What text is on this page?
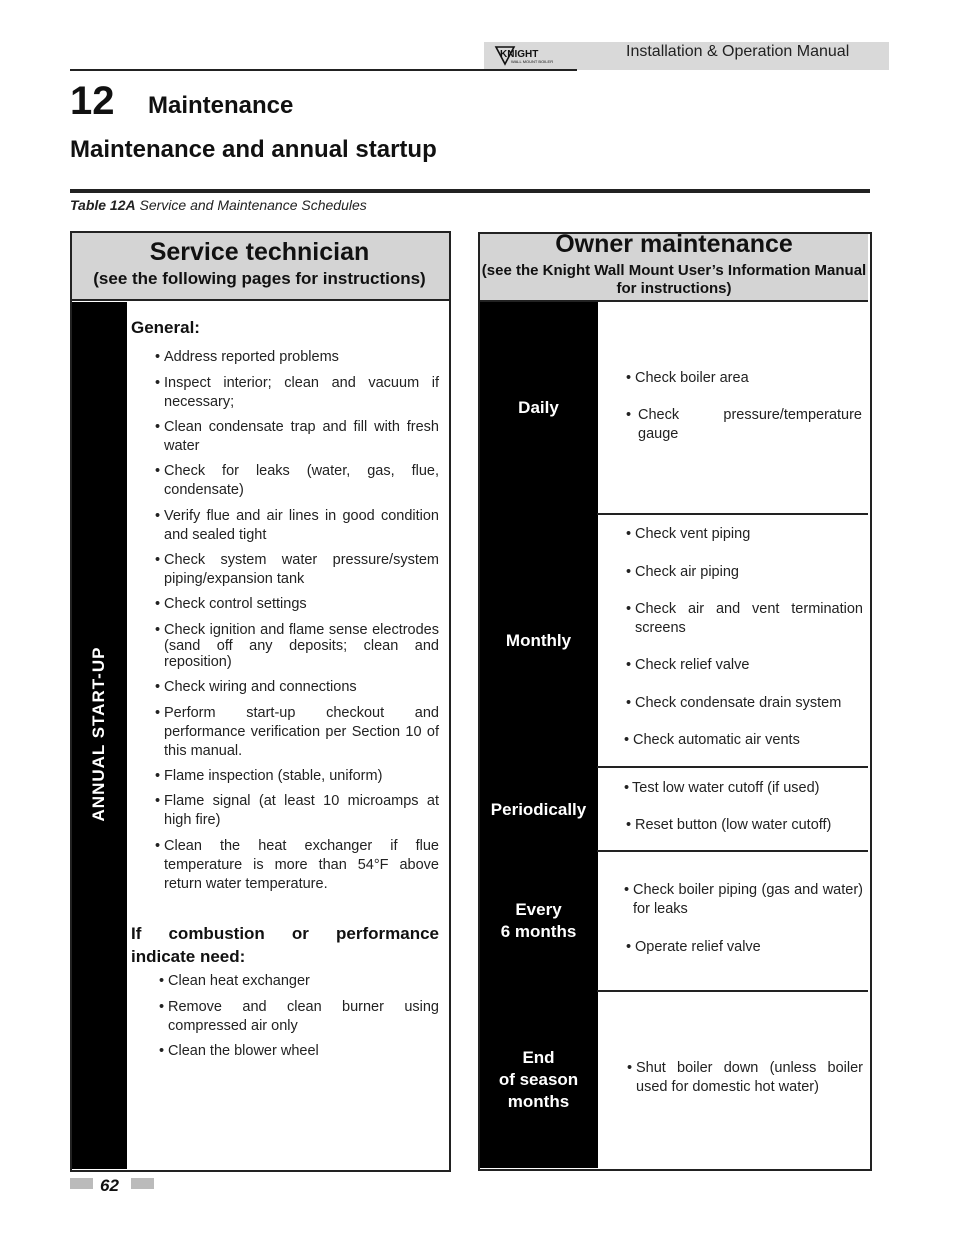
KNIGHT
WALL MOUNT BOILER
Installation & Operation Manual
12 Maintenance
Maintenance and annual startup
Table 12A Service and Maintenance Schedules
Service technician
(see the following pages for instructions)
ANNUAL START-UP
General:
• Address reported problems
• Inspect interior; clean and vacuum if necessary;
• Clean condensate trap and fill with fresh water
• Check for leaks (water, gas, flue, condensate)
• Verify flue and air lines in good condition and sealed tight
• Check system water pressure/system piping/expansion tank
• Check control settings
• Check ignition and flame sense electrodes (sand off any deposits; clean and reposition)
• Check wiring and connections
• Perform start-up checkout and performance verification per Section 10 of this manual.
• Flame inspection (stable, uniform)
• Flame signal (at least 10 microamps at high fire)
• Clean the heat exchanger if flue temperature is more than 54°F above return water temperature.
If combustion or performance indicate need:
• Clean heat exchanger
• Remove and clean burner using compressed air only
• Clean the blower wheel
Owner maintenance
(see the Knight Wall Mount User’s Information Manual for instructions)
Daily
Monthly
Periodically
Every
6 months
End
of season
months
• Check boiler area
• Check pressure/temperature gauge
• Check vent piping
• Check air piping
• Check air and vent termination screens
• Check relief valve
• Check condensate drain system
• Check automatic air vents
• Test low water cutoff (if used)
• Reset button (low water cutoff)
• Check boiler piping (gas and water) for leaks
• Operate relief valve
• Shut boiler down (unless boiler used for domestic hot water)
62
